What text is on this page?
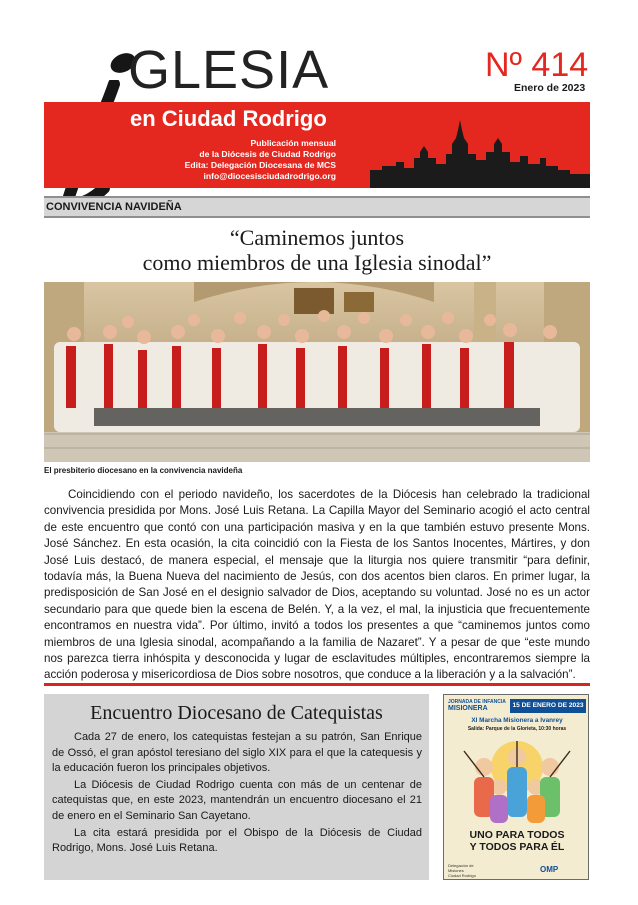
GLESIA
en Ciudad Rodrigo
Publicación mensual
de la Diócesis de Ciudad Rodrigo
Edita: Delegación Diocesana de MCS
info@diocesisciudadrodrigo.org
Nº 414
Enero de 2023
CONVIVENCIA NAVIDEÑA
“Caminemos juntos
como miembros de una Iglesia sinodal”
El presbiterio diocesano en la convivencia navideña

Coincidiendo con el periodo navideño, los sacerdotes de la Diócesis han celebrado la tradicional convivencia presidida por Mons. José Luis Retana. La Capilla Mayor del Seminario acogió el acto central de este encuentro que contó con una participación masiva y en la que también estuvo presente Mons. José Sánchez. En esta ocasión, la cita coincidió con la Fiesta de los Santos Inocentes, Mártires, y don José Luis destacó, de manera especial, el mensaje que la liturgia nos quiere transmitir “para definir, todavía más, la Buena Nueva del nacimiento de Jesús, con dos acentos bien claros. En primer lugar, la predisposición de San José en el designio salvador de Dios, aceptando su voluntad. José no es un actor secundario para que quede bien la escena de Belén. Y, a la vez, el mal, la injusticia que frecuentemente encontramos en nuestra vida”. Por último, invitó a todos los presentes a que “caminemos juntos como miembros de una Iglesia sinodal, acompañando a la familia de Nazaret”. Y a pesar de que “este mundo nos parezca tierra inhóspita y desconocida y lugar de esclavitudes múltiples, encontraremos siempre la acción poderosa y misericordiosa de Dios sobre nosotros, que conduce a la liberación y a la salvación”.

Encuentro Diocesano de Catequistas

Cada 27 de enero, los catequistas festejan a su patrón, San Enrique de Ossó, el gran apóstol teresiano del siglo XIX para el que la catequesis y la educación fueron los principales objetivos.

La Diócesis de Ciudad Rodrigo cuenta con más de un centenar de catequistas que, en este 2023, mantendrán un encuentro diocesano el 21 de enero en el Seminario San Cayetano.

La cita estará presidida por el Obispo de la Diócesis de Ciudad Rodrigo, Mons. José Luis Retana.

JORNADA DE INFANCIA
MISIONERA	15 DE ENERO DE 2023
XI Marcha Misionera a Ivanrey
Salida: Parque de la Glorieta, 10:30 horas
UNO PARA TODOS
Y TODOS PARA ÉL
Delegación de
Misiones
Ciudad Rodrigo
OMP
